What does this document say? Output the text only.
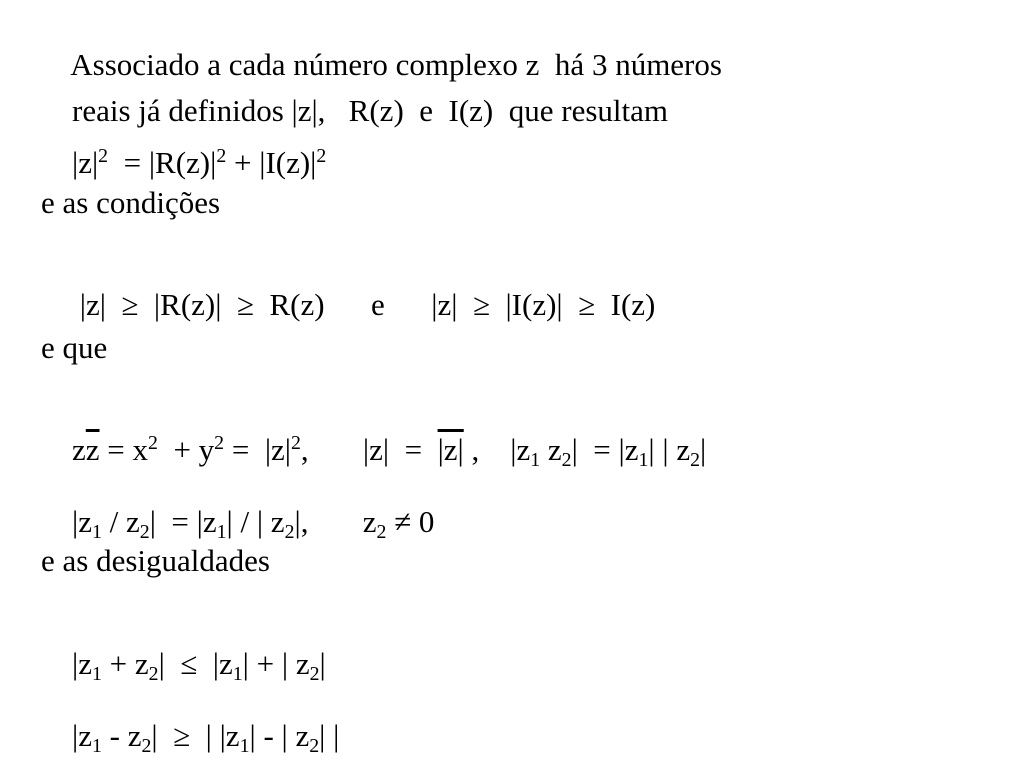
Associado a cada número complexo z  há 3 números

reais já definidos |z|,   R(z)  e  I(z)  que resultam

$|z|^2 = |R(z)|^2 + |I(z)|^2$

e as condições

|z|  ≥  |R(z)|  ≥  R(z)      e      |z|  ≥  |I(z)|  ≥  I(z)

e que

$z\overline{z} = x^2 + y^2 = |z|^2$,       |z|  =  |z| ,    $|z_1$ $z_2| = |z_1|$ | $z_2|$

$|z_1 / z_2| = |z_1|$ / | $z_2|$,       $z_2 \ne 0$

e as desigualdades

$|z_1 + z_2| \le |z_1|$ + | $z_2|$

$|z_1 - z_2|$  ≥  | $|z_1|$ - | $z_2|$ |
